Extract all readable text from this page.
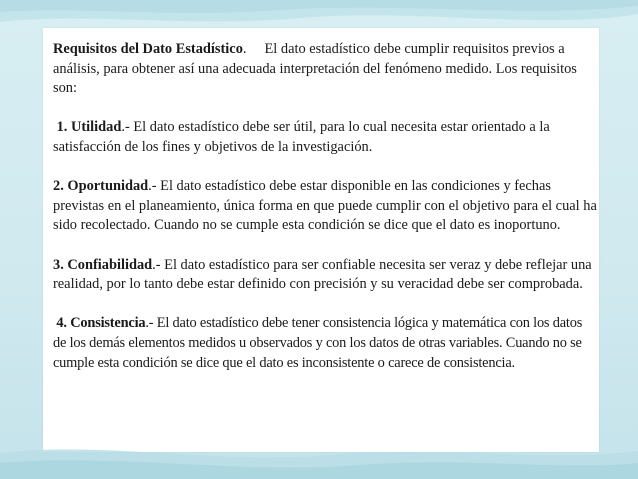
Requisitos del Dato Estadístico.     El dato estadístico debe cumplir requisitos previos a análisis, para obtener así una adecuada interpretación del fenómeno medido. Los requisitos son:

1. Utilidad.- El dato estadístico debe ser útil, para lo cual necesita estar orientado a la satisfacción de los fines y objetivos de la investigación.

2. Oportunidad.- El dato estadístico debe estar disponible en las condiciones y fechas previstas en el planeamiento, única forma en que puede cumplir con el objetivo para el cual ha sido recolectado. Cuando no se cumple esta condición se dice que el dato es inoportuno.

3. Confiabilidad.- El dato estadístico para ser confiable necesita ser veraz y debe reflejar una realidad, por lo tanto debe estar definido con precisión y su veracidad debe ser comprobada.

4. Consistencia.- El dato estadístico debe tener consistencia lógica y matemática con los datos de los demás elementos medidos u observados y con los datos de otras variables. Cuando no se cumple esta condición se dice que el dato es inconsistente o carece de consistencia.
